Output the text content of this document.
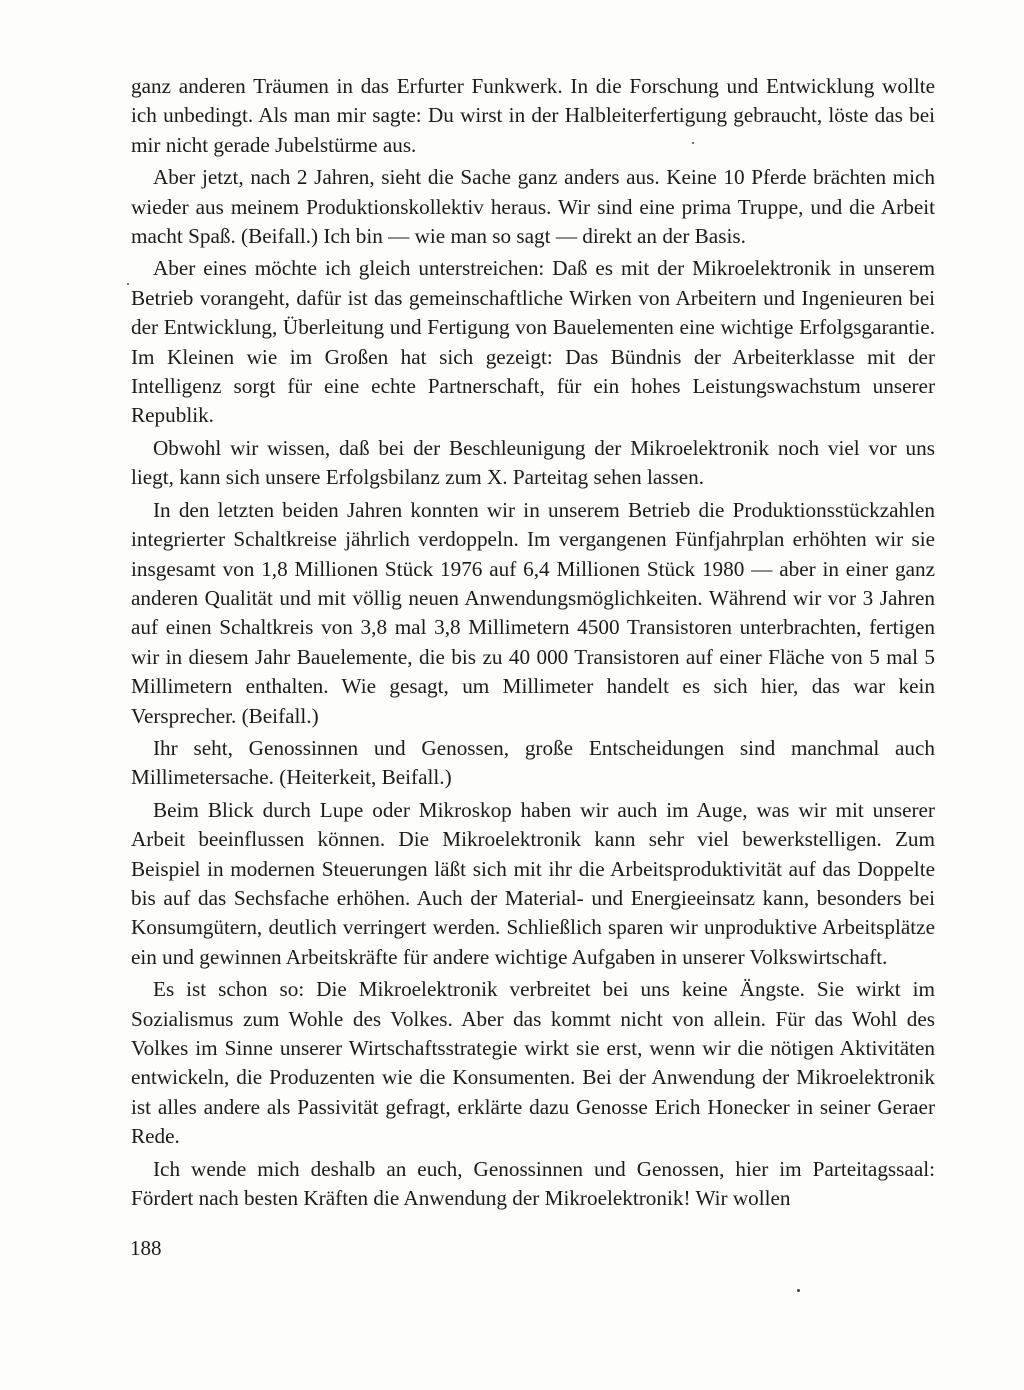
ganz anderen Träumen in das Erfurter Funkwerk. In die Forschung und Entwicklung wollte ich unbedingt. Als man mir sagte: Du wirst in der Halbleiterfertigung gebraucht, löste das bei mir nicht gerade Jubelstürme aus.

Aber jetzt, nach 2 Jahren, sieht die Sache ganz anders aus. Keine 10 Pferde brächten mich wieder aus meinem Produktionskollektiv heraus. Wir sind eine prima Truppe, und die Arbeit macht Spaß. (Beifall.) Ich bin — wie man so sagt — direkt an der Basis.

Aber eines möchte ich gleich unterstreichen: Daß es mit der Mikroelektronik in unserem Betrieb vorangeht, dafür ist das gemeinschaftliche Wirken von Arbeitern und Ingenieuren bei der Entwicklung, Überleitung und Fertigung von Bauelementen eine wichtige Erfolgsgarantie. Im Kleinen wie im Großen hat sich gezeigt: Das Bündnis der Arbeiterklasse mit der Intelligenz sorgt für eine echte Partnerschaft, für ein hohes Leistungswachstum unserer Republik.

Obwohl wir wissen, daß bei der Beschleunigung der Mikroelektronik noch viel vor uns liegt, kann sich unsere Erfolgsbilanz zum X. Parteitag sehen lassen.

In den letzten beiden Jahren konnten wir in unserem Betrieb die Produktionsstückzahlen integrierter Schaltkreise jährlich verdoppeln. Im vergangenen Fünfjahrplan erhöhten wir sie insgesamt von 1,8 Millionen Stück 1976 auf 6,4 Millionen Stück 1980 — aber in einer ganz anderen Qualität und mit völlig neuen Anwendungsmöglichkeiten. Während wir vor 3 Jahren auf einen Schaltkreis von 3,8 mal 3,8 Millimetern 4500 Transistoren unterbrachten, fertigen wir in diesem Jahr Bauelemente, die bis zu 40 000 Transistoren auf einer Fläche von 5 mal 5 Millimetern enthalten. Wie gesagt, um Millimeter handelt es sich hier, das war kein Versprecher. (Beifall.)

Ihr seht, Genossinnen und Genossen, große Entscheidungen sind manchmal auch Millimetersache. (Heiterkeit, Beifall.)

Beim Blick durch Lupe oder Mikroskop haben wir auch im Auge, was wir mit unserer Arbeit beeinflussen können. Die Mikroelektronik kann sehr viel bewerkstelligen. Zum Beispiel in modernen Steuerungen läßt sich mit ihr die Arbeitsproduktivität auf das Doppelte bis auf das Sechsfache erhöhen. Auch der Material- und Energieeinsatz kann, besonders bei Konsumgütern, deutlich verringert werden. Schließlich sparen wir unproduktive Arbeitsplätze ein und gewinnen Arbeitskräfte für andere wichtige Aufgaben in unserer Volkswirtschaft.

Es ist schon so: Die Mikroelektronik verbreitet bei uns keine Ängste. Sie wirkt im Sozialismus zum Wohle des Volkes. Aber das kommt nicht von allein. Für das Wohl des Volkes im Sinne unserer Wirtschaftsstrategie wirkt sie erst, wenn wir die nötigen Aktivitäten entwickeln, die Produzenten wie die Konsumenten. Bei der Anwendung der Mikroelektronik ist alles andere als Passivität gefragt, erklärte dazu Genosse Erich Honecker in seiner Geraer Rede.

Ich wende mich deshalb an euch, Genossinnen und Genossen, hier im Parteitagssaal: Fördert nach besten Kräften die Anwendung der Mikroelektronik! Wir wollen

188
